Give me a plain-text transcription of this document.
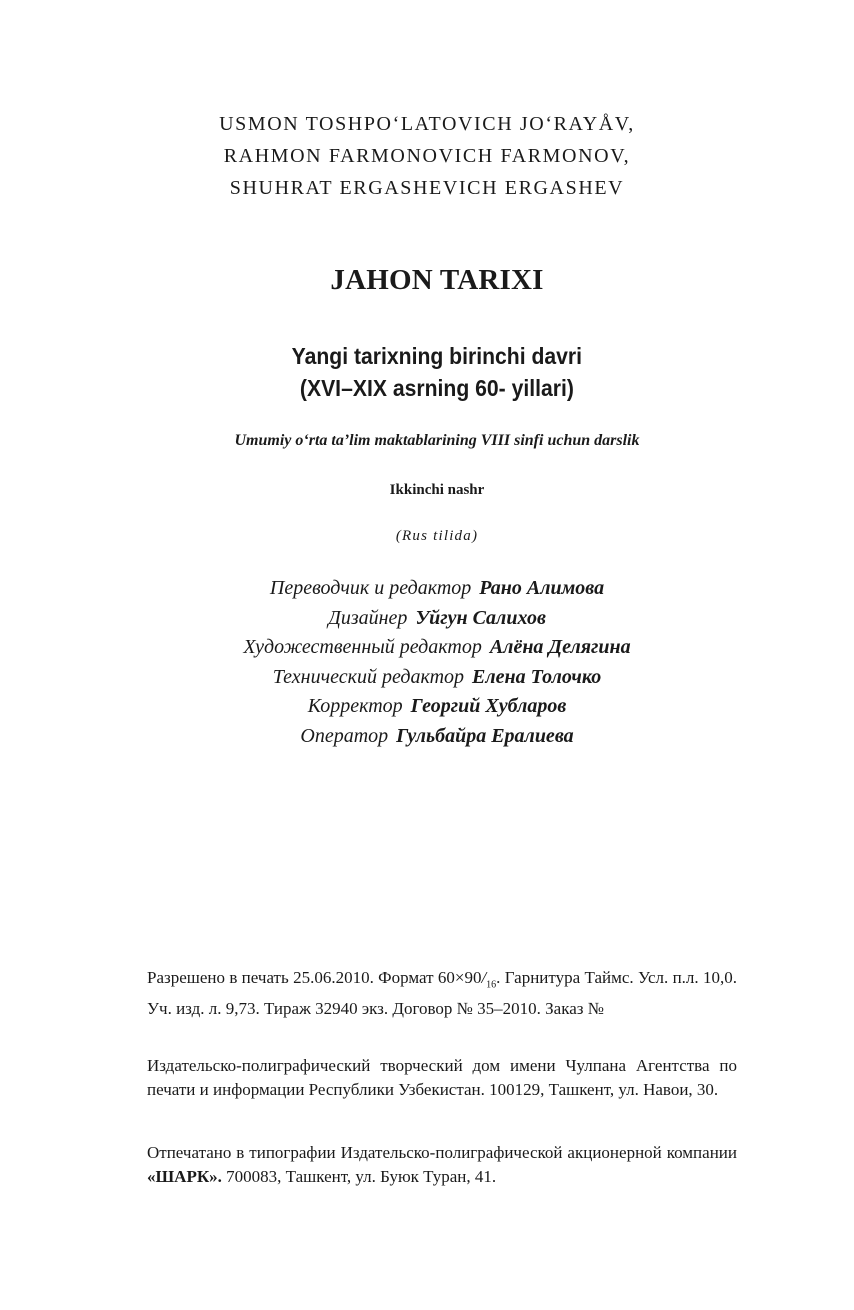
USMON TOSHPO‘LATOVICH JO‘RAYÅV,
RAHMON FARMONOVICH FARMONOV,
SHUHRAT ERGASHEVICH ERGASHEV
JAHON TARIXI
Yangi tarixning birinchi davri
(XVI–XIX asrning 60- yillari)
Umumiy o‘rta ta’lim maktablarining VIII sinfi uchun darslik
Ikkinchi nashr
(Rus tilida)
Переводчик и редактор Рано Алимова
Дизайнер Уйгун Салихов
Художественный редактор Алёна Делягина
Технический редактор Елена Толочко
Корректор Георгий Хубларов
Оператор Гульбайра Ералиева
Разрешено в печать 25.06.2010. Формат $60\times 90/_{16}$. Гарнитура Таймс. Усл. п.л. 10,0. Уч. изд. л. 9,73. Тираж 32940 экз. Договор № 35–2010. Заказ №
Издательско-полиграфический творческий дом имени Чулпана Агентства по печати и информации Республики Узбекистан. 100129, Ташкент, ул. Навои, 30.
Отпечатано в типографии Издательско-полиграфической акционерной компании «ШАРК». 700083, Ташкент, ул. Буюк Туран, 41.
